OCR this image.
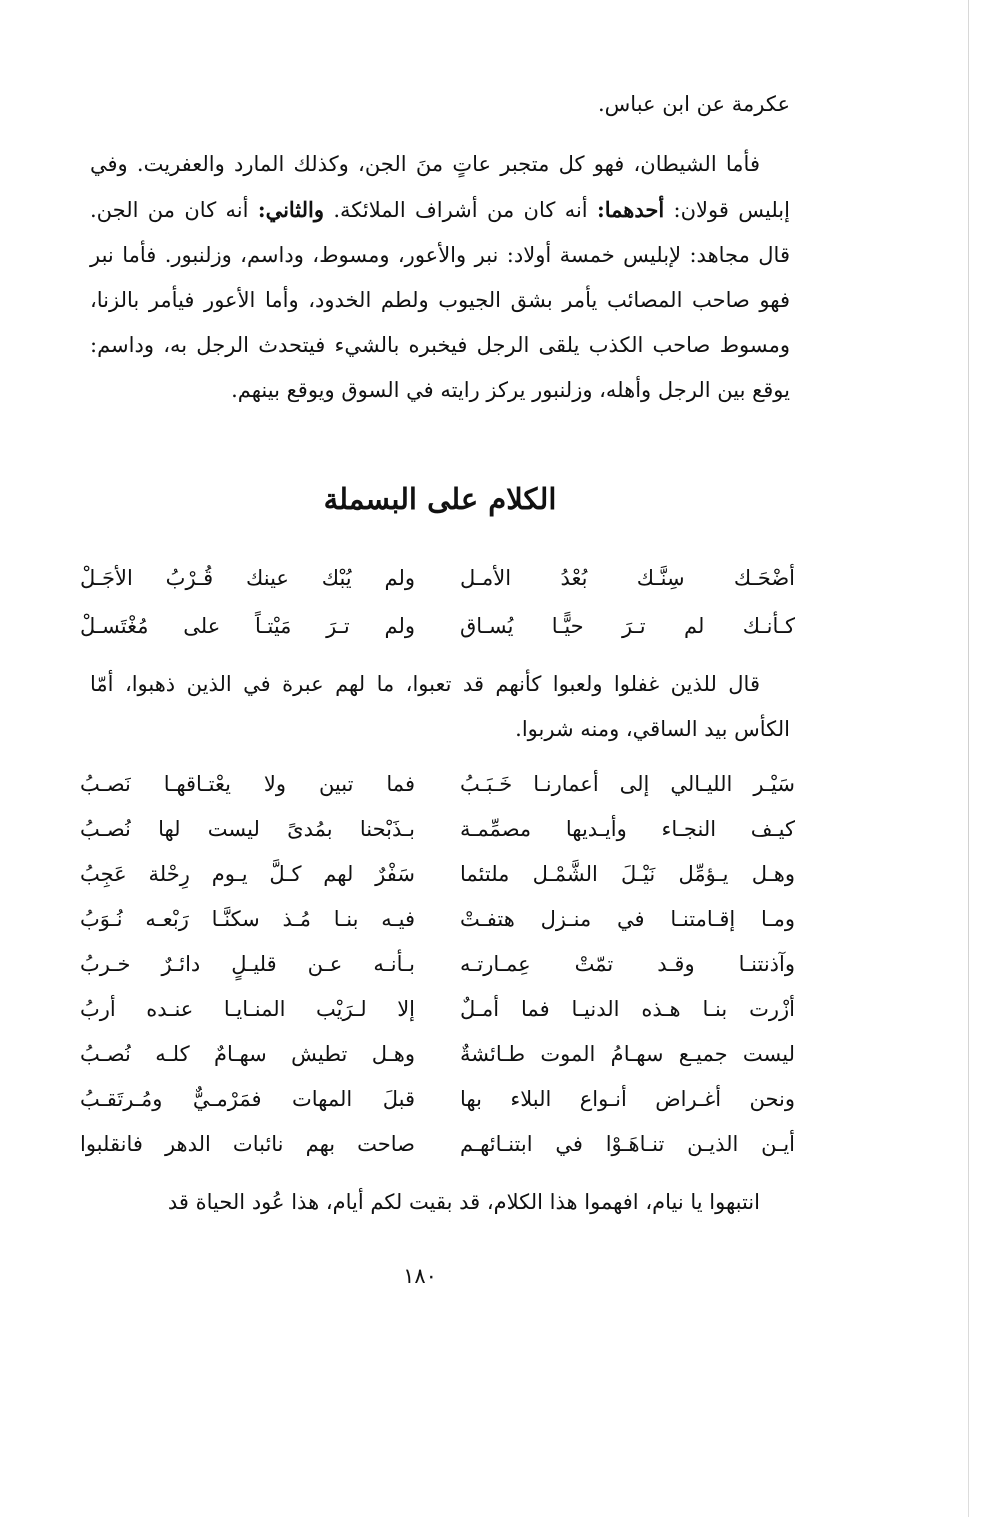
عكرمة عن ابن عباس.
فأما الشيطان، فهو كل متجبر عاتٍ منَ الجن، وكذلك المارد والعفريت. وفي إبليس قولان: أحدهما: أنه كان من أشراف الملائكة. والثاني: أنه كان من الجن. قال مجاهد: لإبليس خمسة أولاد: نبر والأعور، ومسوط، وداسم، وزلنبور. فأما نبر فهو صاحب المصائب يأمر بشق الجيوب ولطم الخدود، وأما الأعور فيأمر بالزنا، ومسوط صاحب الكذب يلقى الرجل فيخبره بالشيء فيتحدث الرجل به، وداسم: يوقع بين الرجل وأهله، وزلنبور يركز رايته في السوق ويوقع بينهم.
الكلام على البسملة
أضْحَـك سِنَّـك بُعْدُ الأمـل
ولم يُبْك عينك قُـرْبُ الأجَـلْ
كـأنـك لم تـرَ حيًّـا يُسـاق
ولم تـرَ مَيْتـاً على مُغْتَسـلْ
قال للذين غفلوا ولعبوا كأنهم قد تعبوا، ما لهم عبرة في الذين ذهبوا، أمّا الكأس بيد الساقي، ومنه شربوا.
سَيْـر الليـالي إلى أعمارنـا خَـبَـبُ
فما تبين ولا يعْتـاقهـا نَصـبُ
كيـف النجـاء وأيـديها مصمِّمـة
بـذَبْحنا بمُدىً ليست لها نُصـبُ
وهـل يـؤمِّل نَيْـلَ الشَّمْـل ملتئما
سَفْرٌ لهم كـلَّ يـوم رِحْلة عَجِبُ
ومـا إقـامتنـا في منـزل هتفـتْ
فيـه بنـا مُـذ سكنَّـا رَبْعـه نُـوَبُ
وآذنتنـا وقـد تمّتْ عِمـارتـه
بـأنـه عـن قليـلٍ دائـرٌ خـربُ
أزْرت بنـا هـذه الدنيـا فما أمـلٌ
إلا لـرَيْب المنـايـا عنـده أربُ
ليست جميـع سهـامُ الموت طـائشةٌ
وهـل تطيش سهـامٌ كلـه نُصـبُ
ونحن أغـراض أنـواع البلاء بها
قبلَ المهات فمَرْمـيٌّ ومُـرتَقـبُ
أيـن الذيـن تنـاهَـوْا في ابتنـائهـم
صاحت بهم نائبات الدهر فانقلبوا
انتبهوا يا نيام، افهموا هذا الكلام، قد بقيت لكم أيام، هذا عُود الحياة قد
١٨٠
